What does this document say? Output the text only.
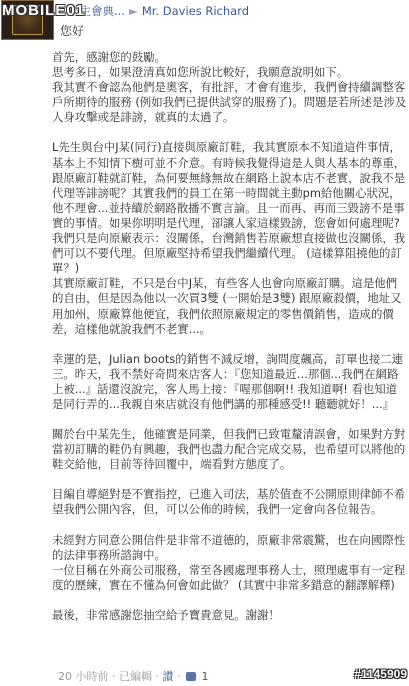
MOBILE01
來主會典... ► Mr. Davies Richard
您好

首先，感謝您的鼓勵。
思考多日，如果澄清真如您所說比較好，我願意說明如下。
我其實不會認為他們是奧客，有批評，才會有進步，我們會持續調整客戶所期待的服務 (例如我們已提供試穿的服務了)。問題是若所述是涉及人身攻擊或是誹謗，就真的太過了。

L先生與台中J某(同行)直接與原廠訂鞋，我其實原本不知道這件事情，基本上不知情下樹可並不介意。有時候我覺得這是人與人基本的尊重，跟原廠訂鞋就訂鞋，為何要無緣無故在網路上說本店不老實，說我不是代理等誹謗呢？其實我們的員工在第一時間就主動pm給他關心狀況，他不理會...並持續於網路散播不實言論。且一而再、再而三毀謗不是事實的事情。如果你明明是代理，卻讓人家這樣毀謗，您會如何處理呢? 我們只是向原廠表示：沒關係，台灣銷售若原廠想直接做也沒關係，我們可以不要代理。但原廠堅持希望我們繼續代理。 (這樣算阻撓他的訂單？)
其實原廠訂鞋，不只是台中J某，有些客人也會向原廠訂購。這是他們的自由，但是因為他以一次買3雙 (一開始是3雙) 跟原廠殺價，地址又用加州，原廠算他便宜，我們依照原廠規定的零售價銷售，造成的價差，這樣他就說我們不老實...。

幸運的是，Julian boots的銷售不減反增，詢問度飆高，訂單也接二連三。昨天，我不禁好奇問來店客人：『您知道最近...那個...我們在網路上被...』話還沒說完，客人馬上接：『喔那個啊!! 我知道啊! 看也知道是同行弄的...我親自來店就沒有他們講的那種感受!! 聽聽就好！...』

關於台中某先生，他確實是同業，但我們已致電釐清誤會，如果對方對當初訂購的鞋仍有興趣，我們也盡力配合完成交易，也希望可以將他的鞋交給他，目前等待回覆中，端看對方態度了。

目編自導絕對是不實指控，已進入司法，基於值查不公開原則律師不希望我們公開內容，但，可以公佈的時候，我們一定會向各位報告。

未經對方同意公開信件是非常不道德的，原廠非常震驚，也在向國際性的法律事務所諮詢中。
一位目稱在外商公司服務，常至各國處理事務人士，照理處事有一定程度的歷練，實在不懂為何會如此做？ (其實中非常多錯意的翻譯解釋)

最後，非常感謝您抽空給予寶貴意見。謝謝！

20 小時前 · 已編輯 · 讚 · 1	#1145909
